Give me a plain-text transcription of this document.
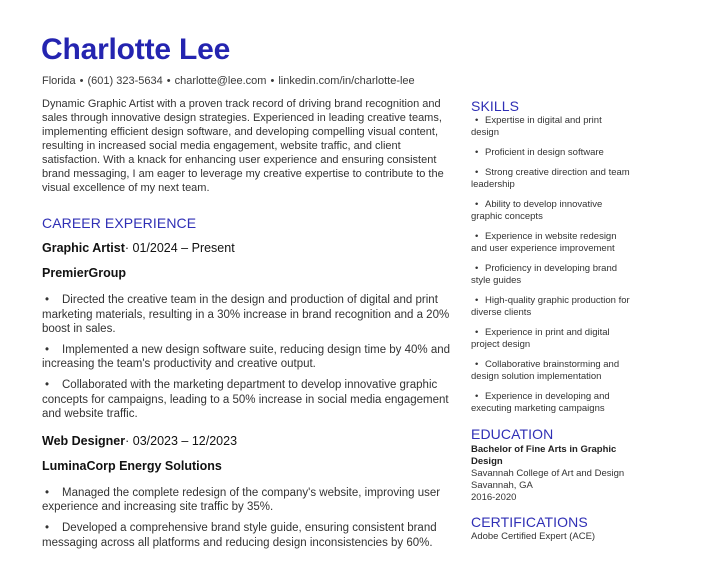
Charlotte Lee
Florida • (601) 323-5634 • charlotte@lee.com • linkedin.com/in/charlotte-lee

Dynamic Graphic Artist with a proven track record of driving brand recognition and sales through innovative design strategies. Experienced in leading creative teams, implementing efficient design software, and developing compelling visual content, resulting in increased social media engagement, website traffic, and client satisfaction. With a knack for enhancing user experience and ensuring consistent brand messaging, I am eager to leverage my creative expertise to contribute to the visual excellence of my next team.

CAREER EXPERIENCE
Graphic Artist· 01/2024 – Present
PremierGroup
• Directed the creative team in the design and production of digital and print marketing materials, resulting in a 30% increase in brand recognition and a 20% boost in sales.
• Implemented a new design software suite, reducing design time by 40% and increasing the team's productivity and creative output.
• Collaborated with the marketing department to develop innovative graphic concepts for campaigns, leading to a 50% increase in social media engagement and website traffic.
Web Designer· 03/2023 – 12/2023
LuminaCorp Energy Solutions
• Managed the complete redesign of the company's website, improving user experience and increasing site traffic by 35%.
• Developed a comprehensive brand style guide, ensuring consistent brand messaging across all platforms and reducing design inconsistencies by 60%.
SKILLS
• Expertise in digital and print design
• Proficient in design software
• Strong creative direction and team leadership
• Ability to develop innovative graphic concepts
• Experience in website redesign and user experience improvement
• Proficiency in developing brand style guides
• High-quality graphic production for diverse clients
• Experience in print and digital project design
• Collaborative brainstorming and design solution implementation
• Experience in developing and executing marketing campaigns
EDUCATION
Bachelor of Fine Arts in Graphic Design
Savannah College of Art and Design
Savannah, GA
2016-2020
CERTIFICATIONS
Adobe Certified Expert (ACE)
